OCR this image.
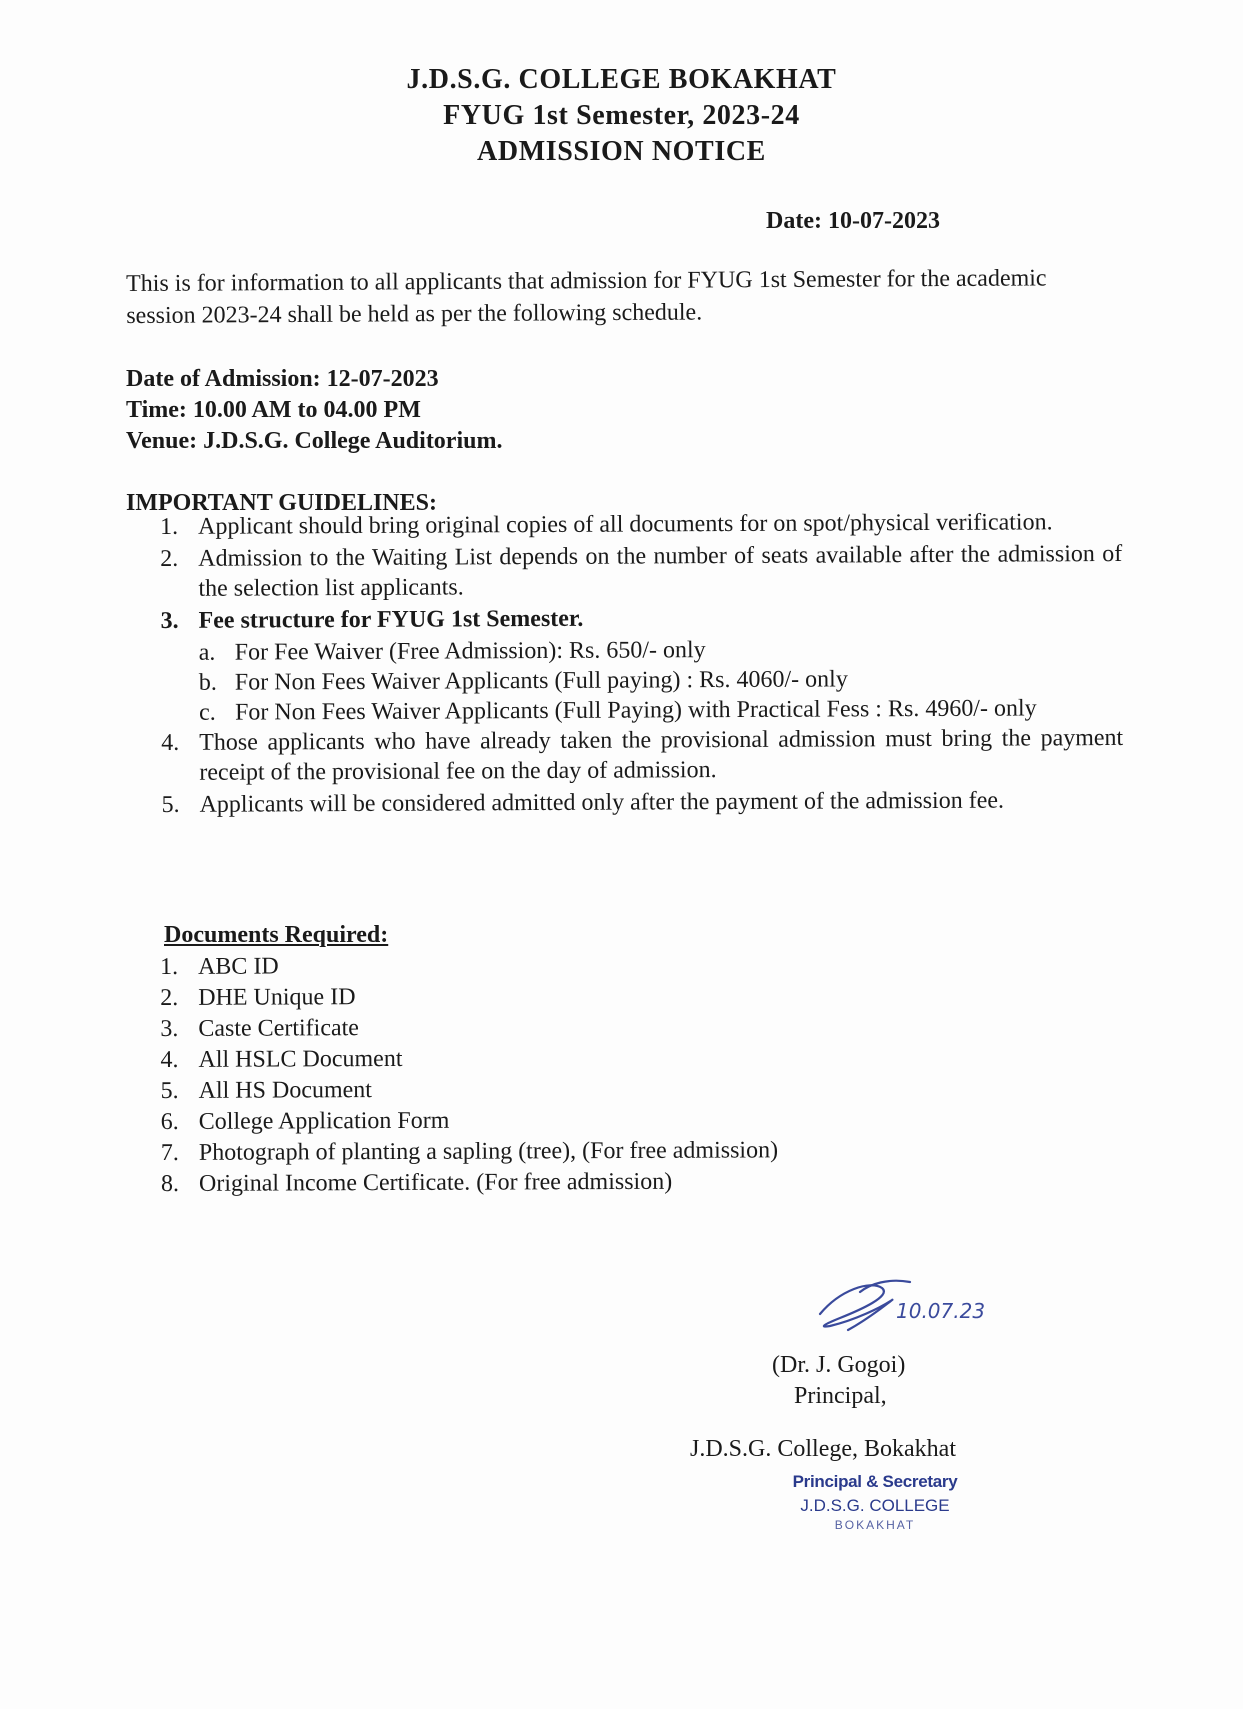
J.D.S.G. COLLEGE BOKAKHAT
FYUG 1st Semester, 2023-24
ADMISSION NOTICE
Date: 10-07-2023
This is for information to all applicants that admission for FYUG 1st Semester for the academic session 2023-24 shall be held as per the following schedule.
Date of Admission: 12-07-2023
Time: 10.00 AM to 04.00 PM
Venue: J.D.S.G. College Auditorium.
IMPORTANT GUIDELINES:
1. Applicant should bring original copies of all documents for on spot/physical verification.
2. Admission to the Waiting List depends on the number of seats available after the admission of the selection list applicants.
3. Fee structure for FYUG 1st Semester.
a. For Fee Waiver (Free Admission): Rs. 650/- only
b. For Non Fees Waiver Applicants (Full paying) : Rs. 4060/- only
c. For Non Fees Waiver Applicants (Full Paying) with Practical Fess : Rs. 4960/- only
4. Those applicants who have already taken the provisional admission must bring the payment receipt of the provisional fee on the day of admission.
5. Applicants will be considered admitted only after the payment of the admission fee.
Documents Required:
1. ABC ID
2. DHE Unique ID
3. Caste Certificate
4. All HSLC Document
5. All HS Document
6. College Application Form
7. Photograph of planting a sapling (tree), (For free admission)
8. Original Income Certificate. (For free admission)
10.07.23
(Dr. J. Gogoi)
Principal,
J.D.S.G. College, Bokakhat
Principal & Secretary
J.D.S.G. COLLEGE
BOKAKHAT
